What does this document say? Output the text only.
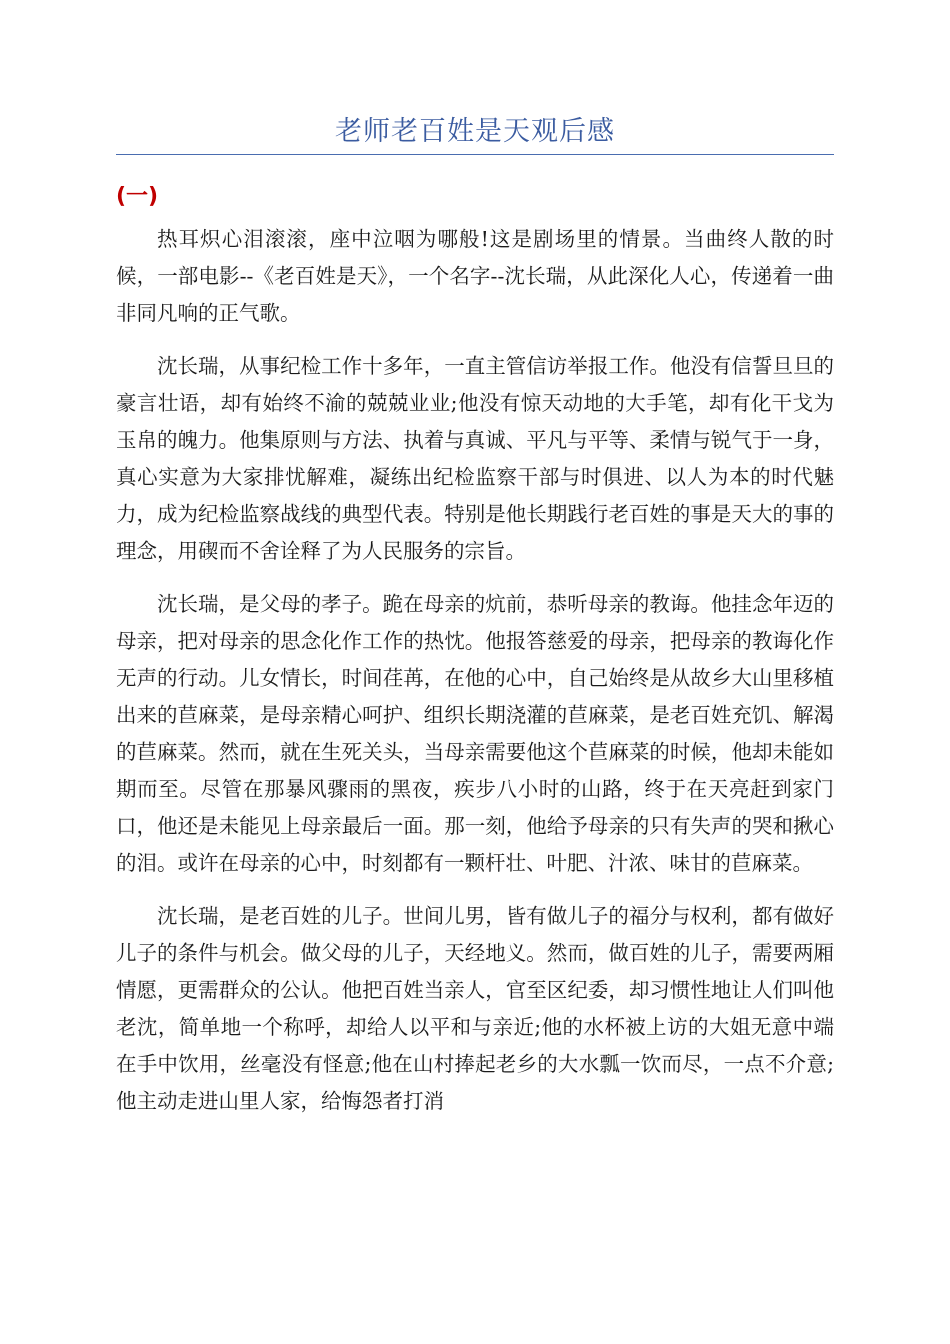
老师老百姓是天观后感
(一)

热耳炽心泪滚滚，座中泣咽为哪般!这是剧场里的情景。当曲终人散的时候，一部电影--《老百姓是天》，一个名字--沈长瑞，从此深化人心，传递着一曲非同凡响的正气歌。

沈长瑞，从事纪检工作十多年，一直主管信访举报工作。他没有信誓旦旦的豪言壮语，却有始终不渝的兢兢业业;他没有惊天动地的大手笔，却有化干戈为玉帛的魄力。他集原则与方法、执着与真诚、平凡与平等、柔情与锐气于一身，真心实意为大家排忧解难，凝练出纪检监察干部与时俱进、以人为本的时代魅力，成为纪检监察战线的典型代表。特别是他长期践行老百姓的事是天大的事的理念，用碶而不舍诠释了为人民服务的宗旨。

沈长瑞，是父母的孝子。跪在母亲的炕前，恭听母亲的教诲。他挂念年迈的母亲，把对母亲的思念化作工作的热忱。他报答慈爱的母亲，把母亲的教诲化作无声的行动。儿女情长，时间荏苒，在他的心中，自己始终是从故乡大山里移植出来的苣麻菜，是母亲精心呵护、组织长期浇灌的苣麻菜，是老百姓充饥、解渴的苣麻菜。然而，就在生死关头，当母亲需要他这个苣麻菜的时候，他却未能如期而至。尽管在那暴风骤雨的黑夜，疾步八小时的山路，终于在天亮赶到家门口，他还是未能见上母亲最后一面。那一刻，他给予母亲的只有失声的哭和揪心的泪。或许在母亲的心中，时刻都有一颗杆壮、叶肥、汁浓、味甘的苣麻菜。

沈长瑞，是老百姓的儿子。世间儿男，皆有做儿子的福分与权利，都有做好儿子的条件与机会。做父母的儿子，天经地义。然而，做百姓的儿子，需要两厢情愿，更需群众的公认。他把百姓当亲人，官至区纪委，却习惯性地让人们叫他老沈，简单地一个称呼，却给人以平和与亲近;他的水杯被上访的大姐无意中端在手中饮用，丝毫没有怪意;他在山村捧起老乡的大水瓢一饮而尽，一点不介意;他主动走进山里人家，给悔怨者打消
